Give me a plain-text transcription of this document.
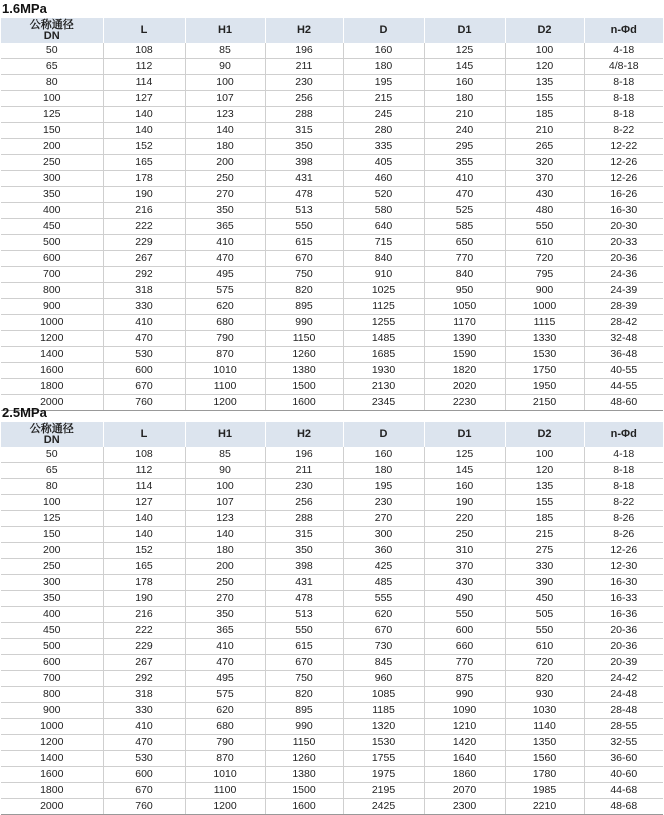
1.6MPa
公称通径
DN	L	H1	H2	D	D1	D2	n-Φd
50	108	85	196	160	125	100	4-18
65	112	90	211	180	145	120	4/8-18
80	114	100	230	195	160	135	8-18
100	127	107	256	215	180	155	8-18
125	140	123	288	245	210	185	8-18
150	140	140	315	280	240	210	8-22
200	152	180	350	335	295	265	12-22
250	165	200	398	405	355	320	12-26
300	178	250	431	460	410	370	12-26
350	190	270	478	520	470	430	16-26
400	216	350	513	580	525	480	16-30
450	222	365	550	640	585	550	20-30
500	229	410	615	715	650	610	20-33
600	267	470	670	840	770	720	20-36
700	292	495	750	910	840	795	24-36
800	318	575	820	1025	950	900	24-39
900	330	620	895	1125	1050	1000	28-39
1000	410	680	990	1255	1170	1115	28-42
1200	470	790	1150	1485	1390	1330	32-48
1400	530	870	1260	1685	1590	1530	36-48
1600	600	1010	1380	1930	1820	1750	40-55
1800	670	1100	1500	2130	2020	1950	44-55
2000	760	1200	1600	2345	2230	2150	48-60
2.5MPa
公称通径
DN	L	H1	H2	D	D1	D2	n-Φd
50	108	85	196	160	125	100	4-18
65	112	90	211	180	145	120	8-18
80	114	100	230	195	160	135	8-18
100	127	107	256	230	190	155	8-22
125	140	123	288	270	220	185	8-26
150	140	140	315	300	250	215	8-26
200	152	180	350	360	310	275	12-26
250	165	200	398	425	370	330	12-30
300	178	250	431	485	430	390	16-30
350	190	270	478	555	490	450	16-33
400	216	350	513	620	550	505	16-36
450	222	365	550	670	600	550	20-36
500	229	410	615	730	660	610	20-36
600	267	470	670	845	770	720	20-39
700	292	495	750	960	875	820	24-42
800	318	575	820	1085	990	930	24-48
900	330	620	895	1185	1090	1030	28-48
1000	410	680	990	1320	1210	1140	28-55
1200	470	790	1150	1530	1420	1350	32-55
1400	530	870	1260	1755	1640	1560	36-60
1600	600	1010	1380	1975	1860	1780	40-60
1800	670	1100	1500	2195	2070	1985	44-68
2000	760	1200	1600	2425	2300	2210	48-68
